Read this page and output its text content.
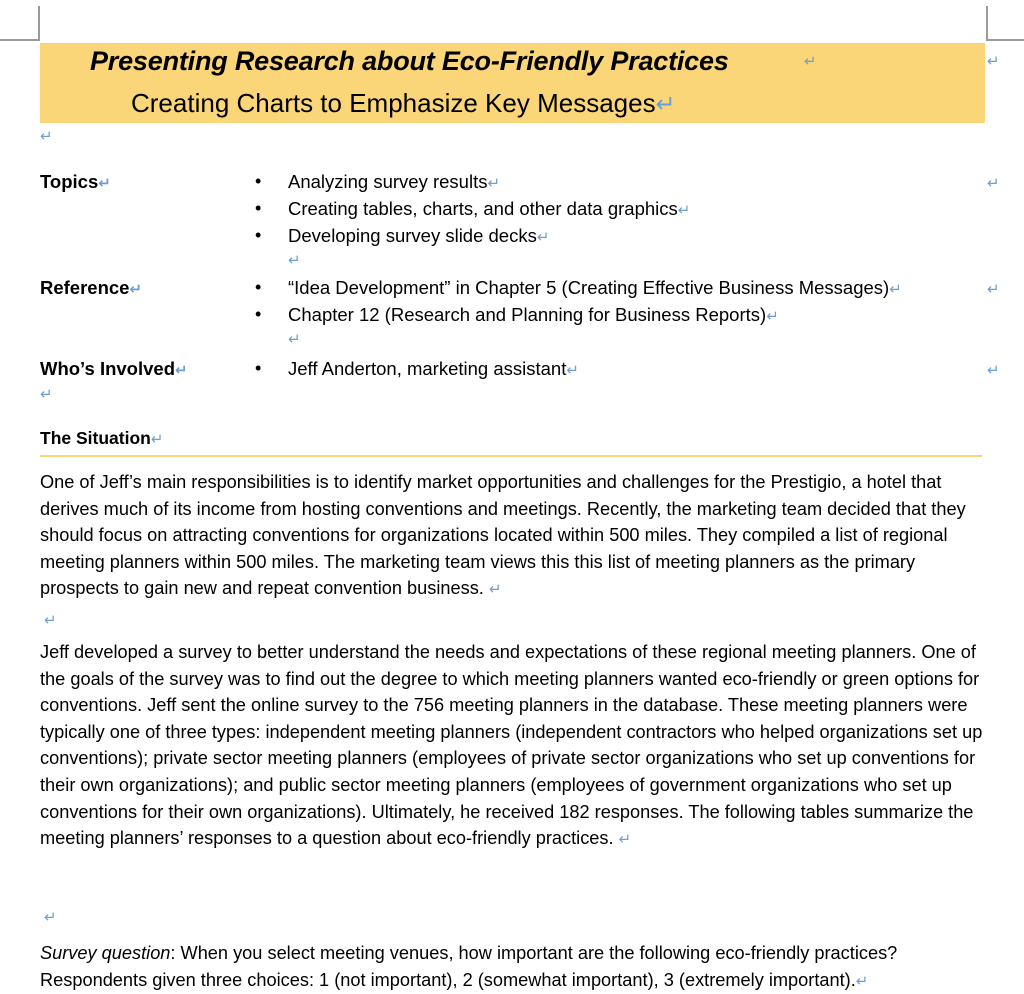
Presenting Research about Eco-Friendly Practices	↵	↵
Creating Charts to Emphasize Key Messages↵
↵
Topics↵	• Analyzing survey results↵
• Creating tables, charts, and other data graphics↵
• Developing survey slide decks↵
↵
↵
Reference↵	• “Idea Development” in Chapter 5 (Creating Effective Business Messages)↵
• Chapter 12 (Research and Planning for Business Reports)↵
↵
↵
Who’s Involved↵	• Jeff Anderton, marketing assistant↵	↵
↵
The Situation↵

One of Jeff’s main responsibilities is to identify market opportunities and challenges for the Prestigio, a hotel that derives much of its income from hosting conventions and meetings. Recently, the marketing team decided that they should focus on attracting conventions for organizations located within 500 miles. They compiled a list of regional meeting planners within 500 miles. The marketing team views this this list of meeting planners as the primary prospects to gain new and repeat convention business. ↵

↵

Jeff developed a survey to better understand the needs and expectations of these regional meeting planners. One of the goals of the survey was to find out the degree to which meeting planners wanted eco-friendly or green options for conventions. Jeff sent the online survey to the 756 meeting planners in the database. These meeting planners were typically one of three types: independent meeting planners (independent contractors who helped organizations set up conventions); private sector meeting planners (employees of private sector organizations who set up conventions for their own organizations); and public sector meeting planners (employees of government organizations who set up conventions for their own organizations). Ultimately, he received 182 responses. The following tables summarize the meeting planners’ responses to a question about eco-friendly practices. ↵

↵

Survey question: When you select meeting venues, how important are the following eco-friendly practices? Respondents given three choices: 1 (not important), 2 (somewhat important), 3 (extremely important).↵
